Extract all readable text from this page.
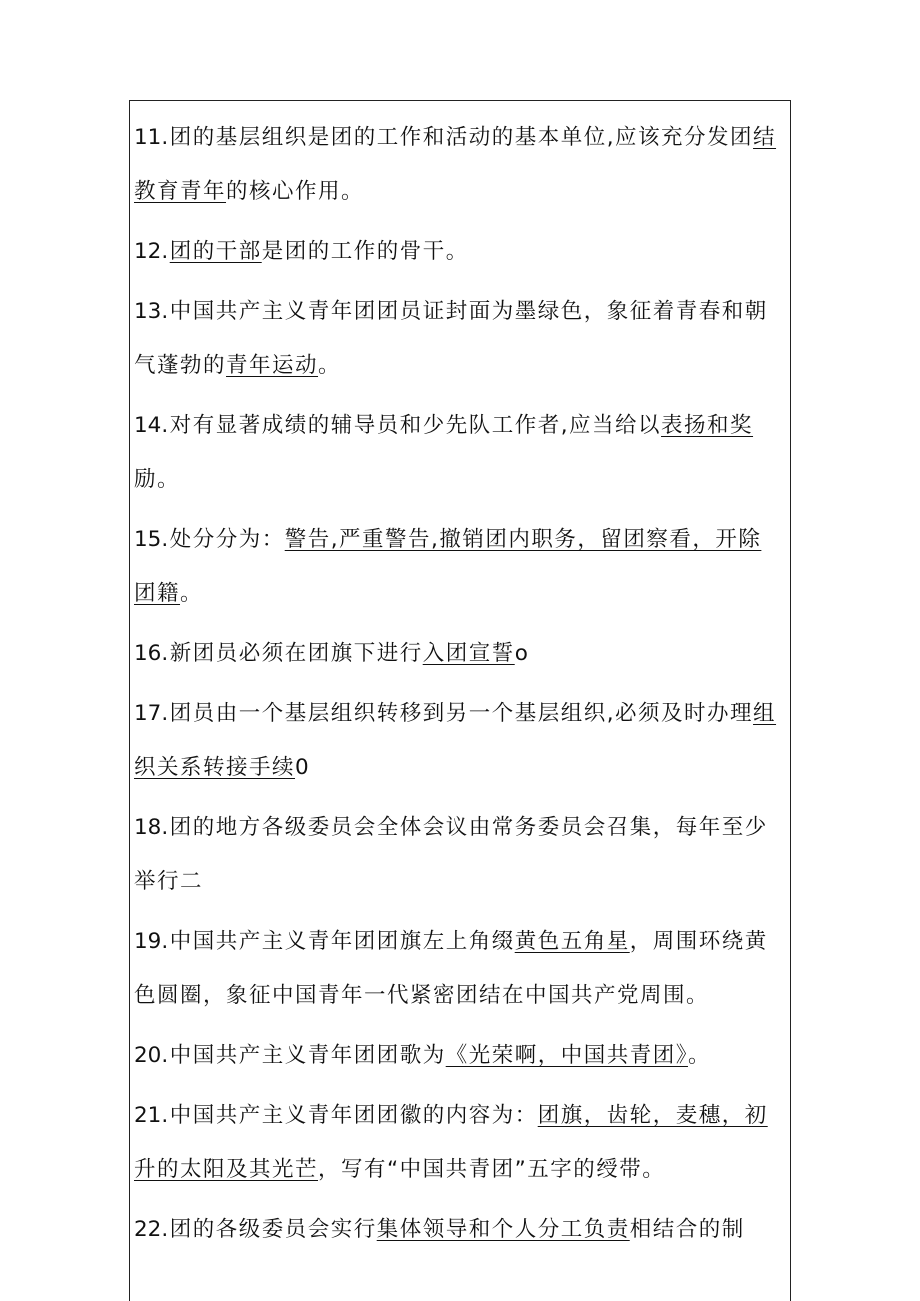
11.团的基层组织是团的工作和活动的基本单位,应该充分发团结教育青年的核心作用。

12.团的干部是团的工作的骨干。

13.中国共产主义青年团团员证封面为墨绿色，象征着青春和朝气蓬勃的青年运动。

14.对有显著成绩的辅导员和少先队工作者,应当给以表扬和奖励。

15.处分分为：警告,严重警告,撤销团内职务，留团察看，开除团籍。

16.新团员必须在团旗下进行入团宣誓o

17.团员由一个基层组织转移到另一个基层组织,必须及时办理组织关系转接手续0

18.团的地方各级委员会全体会议由常务委员会召集，每年至少举行二

19.中国共产主义青年团团旗左上角缀黄色五角星，周围环绕黄色圆圈，象征中国青年一代紧密团结在中国共产党周围。

20.中国共产主义青年团团歌为《光荣啊，中国共青团》。

21.中国共产主义青年团团徽的内容为：团旗，齿轮，麦穗，初升的太阳及其光芒，写有“中国共青团”五字的绶带。

22.团的各级委员会实行集体领导和个人分工负责相结合的制
